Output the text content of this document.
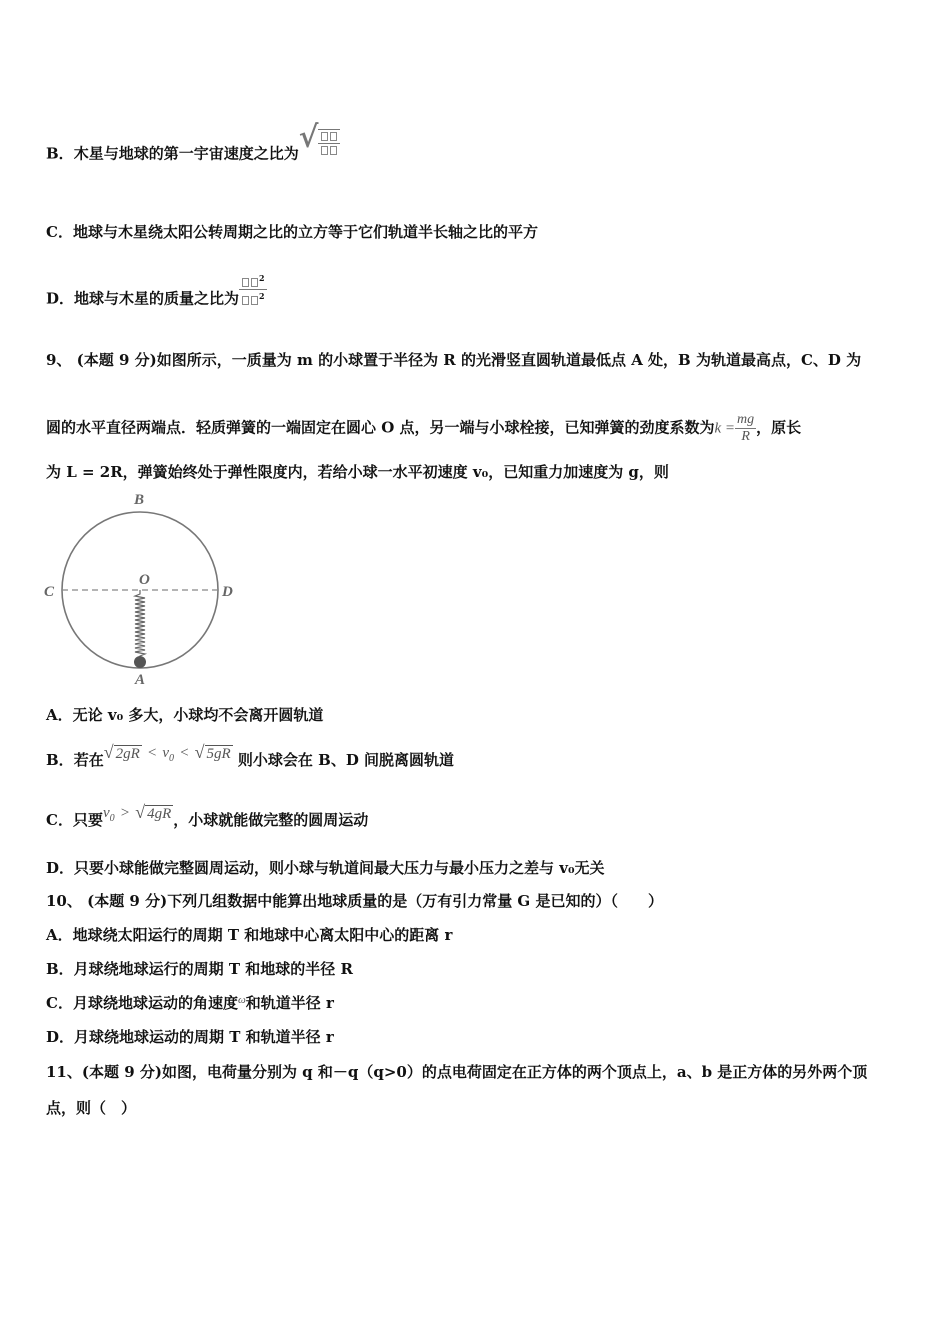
B．木星与地球的第一宇宙速度之比为√
C．地球与木星绕太阳公转周期之比的立方等于它们轨道半长轴之比的平方
D．地球与木星的质量之比为 $\frac{^2}{^2}$
9、 (本题 9 分)如图所示，一质量为 m 的小球置于半径为 R 的光滑竖直圆轨道最低点 A 处，B 为轨道最高点，C、D 为
圆的水平直径两端点．轻质弹簧的一端固定在圆心 O 点，另一端与小球栓接，已知弹簧的劲度系数为$k = \frac{mg}{R}$ ，原长
为 L = 2R，弹簧始终处于弹性限度内，若给小球一水平初速度 v₀，已知重力加速度为 g，则
B
C	D
O
A
A．无论 v₀ 多大，小球均不会离开圆轨道
B．若在√ $2gR < v_0$ < √ 5gR 则小球会在 B、D 间脱离圆轨道
C．只要$v_0$ > √ 4gR ，小球就能做完整的圆周运动
D．只要小球能做完整圆周运动，则小球与轨道间最大压力与最小压力之差与 v₀无关
10、 (本题 9 分)下列几组数据中能算出地球质量的是（万有引力常量 G 是已知的）（　　）
A．地球绕太阳运行的周期 T 和地球中心离太阳中心的距离 r
B．月球绕地球运行的周期 T 和地球的半径 R
C．月球绕地球运动的角速度$^\omega$和轨道半径 r
D．月球绕地球运动的周期 T 和轨道半径 r
11、(本题 9 分)如图，电荷量分别为 q 和－q（q>0）的点电荷固定在正方体的两个顶点上，a、b 是正方体的另外两个顶
点，则（　）
